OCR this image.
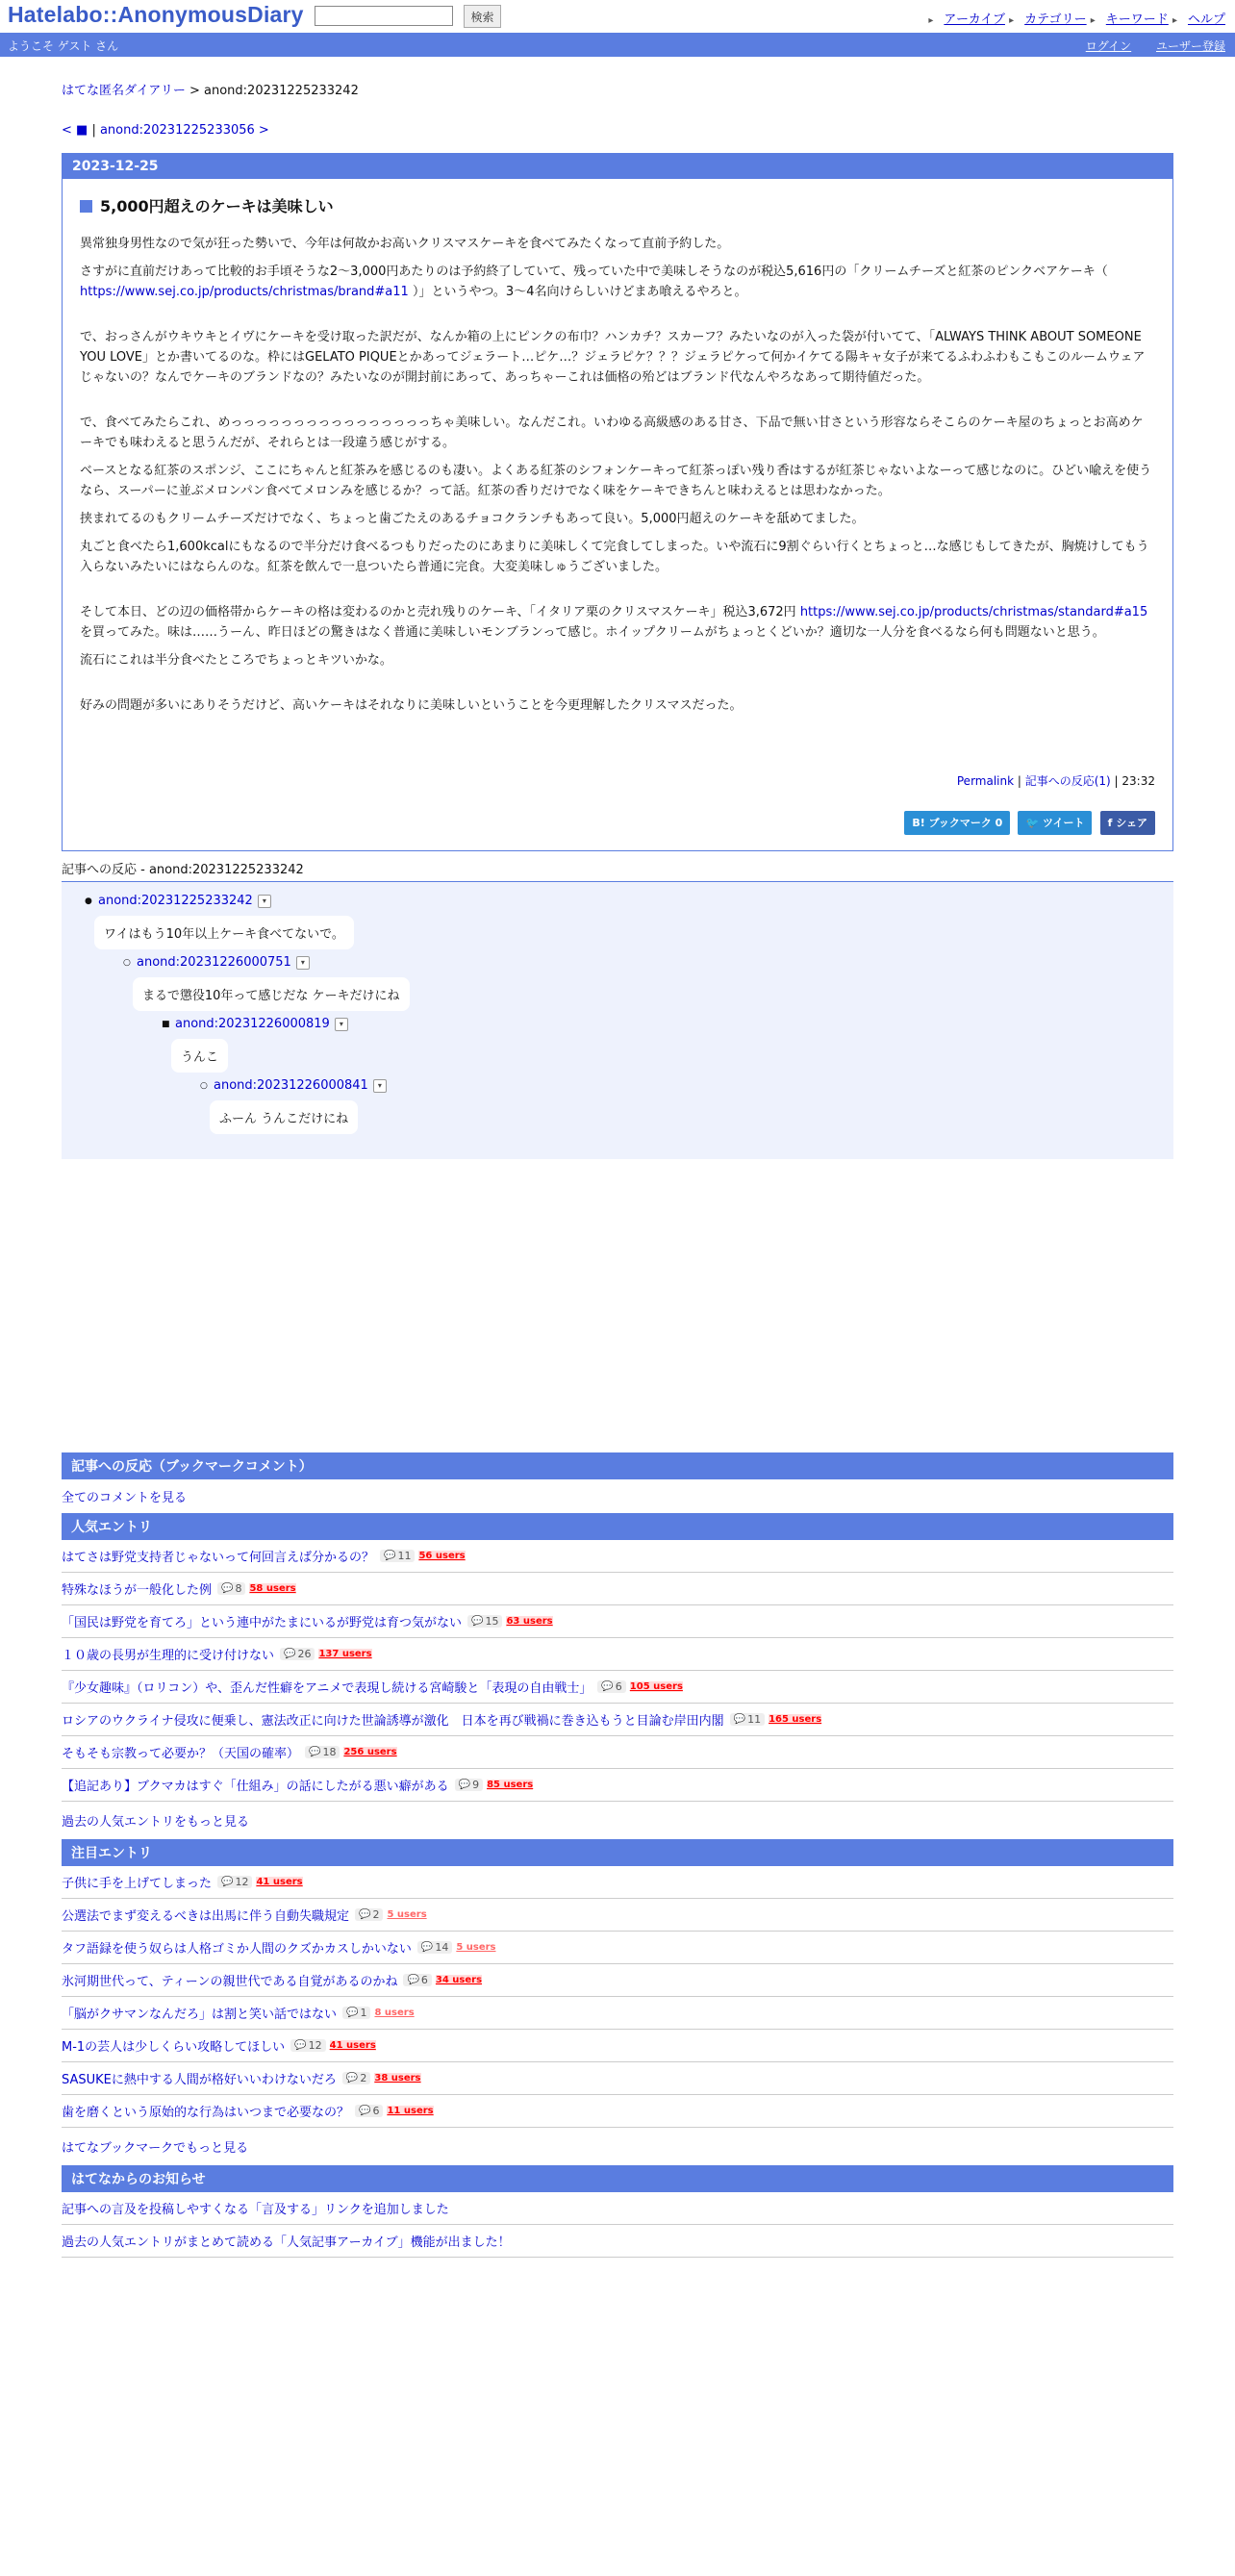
Hatelabo::AnonymousDiary	検索	▸ アーカイブ ▸ カテゴリー ▸ キーワード ▸ ヘルプ
ようこそ ゲスト さん	ログイン ユーザー登録
はてな匿名ダイアリー > anond:20231225233242
< ■ | anond:20231225233056 >
2023-12-25
5,000円超えのケーキは美味しい

異常独身男性なので気が狂った勢いで、今年は何故かお高いクリスマスケーキを食べてみたくなって直前予約した。

さすがに直前だけあって比較的お手頃そうな2〜3,000円あたりのは予約終了していて、残っていた中で美味しそうなのが税込5,616円の「クリームチーズと紅茶のピンクベアケーキ（ https://www.sej.co.jp/products/christmas/brand#a11 ）」というやつ。3〜4名向けらしいけどまあ喰えるやろと。

で、おっさんがウキウキとイヴにケーキを受け取った訳だが、なんか箱の上にピンクの布巾？ハンカチ？スカーフ？みたいなのが入った袋が付いてて、「ALWAYS THINK ABOUT SOMEONE YOU LOVE」とか書いてるのな。枠にはGELATO PIQUEとかあってジェラート…ピケ…？ジェラピケ？？？ジェラピケって何かイケてる陽キャ女子が来てるふわふわもこもこのルームウェアじゃないの？なんでケーキのブランドなの？みたいなのが開封前にあって、あっちゃーこれは価格の殆どはブランド代なんやろなあって期待値だった。

で、食べてみたらこれ、めっっっっっっっっっっっっっっっっちゃ美味しい。なんだこれ。いわゆる高級感のある甘さ、下品で無い甘さという形容ならそこらのケーキ屋のちょっとお高めケーキでも味わえると思うんだが、それらとは一段違う感じがする。

ベースとなる紅茶のスポンジ、ここにちゃんと紅茶みを感じるのも凄い。よくある紅茶のシフォンケーキって紅茶っぽい残り香はするが紅茶じゃないよなーって感じなのに。ひどい喩えを使うなら、スーパーに並ぶメロンパン食べてメロンみを感じるか？って話。紅茶の香りだけでなく味をケーキできちんと味わえるとは思わなかった。

挟まれてるのもクリームチーズだけでなく、ちょっと歯ごたえのあるチョコクランチもあって良い。5,000円超えのケーキを舐めてました。

丸ごと食べたら1,600kcalにもなるので半分だけ食べるつもりだったのにあまりに美味しくて完食してしまった。いや流石に9割ぐらい行くとちょっと…な感じもしてきたが、胸焼けしてもう入らないみたいにはならんのな。紅茶を飲んで一息ついたら普通に完食。大変美味しゅうございました。

そして本日、どの辺の価格帯からケーキの格は変わるのかと売れ残りのケーキ、「イタリア栗のクリスマスケーキ」税込3,672円 https://www.sej.co.jp/products/christmas/standard#a15 を買ってみた。味は……うーん、昨日ほどの驚きはなく普通に美味しいモンブランって感じ。ホイップクリームがちょっとくどいか？適切な一人分を食べるなら何も問題ないと思う。

流石にこれは半分食べたところでちょっとキツいかな。

好みの問題が多いにありそうだけど、高いケーキはそれなりに美味しいということを今更理解したクリスマスだった。

Permalink | 記事への反応(1) | 23:32
B! ブックマーク 0 🐦 ツイート f シェア
記事への反応 - anond:20231225233242
● anond:20231225233242	▾
ワイはもう10年以上ケーキ食べてないで。
○ anond:20231226000751	▾
まるで懲役10年って感じだな ケーキだけにね
■ anond:20231226000819	▾
うんこ
○ anond:20231226000841	▾
ふーん うんこだけにね
記事への反応（ブックマークコメント）
全てのコメントを見る
人気エントリ
はてさは野党支持者じゃないって何回言えば分かるの？ 💬 11 56 users
特殊なほうが一般化した例 💬 8 58 users
「国民は野党を育てろ」という連中がたまにいるが野党は育つ気がない 💬 15 63 users
１０歳の長男が生理的に受け付けない 💬 26 137 users
『少女趣味』（ロリコン）や、歪んだ性癖をアニメで表現し続ける宮崎駿と「表現の自由戦士」 💬 6 105 users
ロシアのウクライナ侵攻に便乗し、憲法改正に向けた世論誘導が激化　日本を再び戦禍に巻き込もうと目論む岸田内閣 💬 11 165 users
そもそも宗教って必要か？（天国の確率） 💬 18 256 users
【追記あり】ブクマカはすぐ「仕組み」の話にしたがる悪い癖がある 💬 9 85 users
過去の人気エントリをもっと見る
注目エントリ
子供に手を上げてしまった 💬 12 41 users
公選法でまず変えるべきは出馬に伴う自動失職規定 💬 2 5 users
タフ語録を使う奴らは人格ゴミか人間のクズかカスしかいない 💬 14 5 users
氷河期世代って、ティーンの親世代である自覚があるのかね 💬 6 34 users
「脳がクサマンなんだろ」は割と笑い話ではない 💬 1 8 users
M-1の芸人は少しくらい攻略してほしい 💬 12 41 users
SASUKEに熱中する人間が格好いいわけないだろ 💬 2 38 users
歯を磨くという原始的な行為はいつまで必要なの？ 💬 6 11 users
はてなブックマークでもっと見る
はてなからのお知らせ
記事への言及を投稿しやすくなる「言及する」リンクを追加しました
過去の人気エントリがまとめて読める「人気記事アーカイブ」機能が出ました！
